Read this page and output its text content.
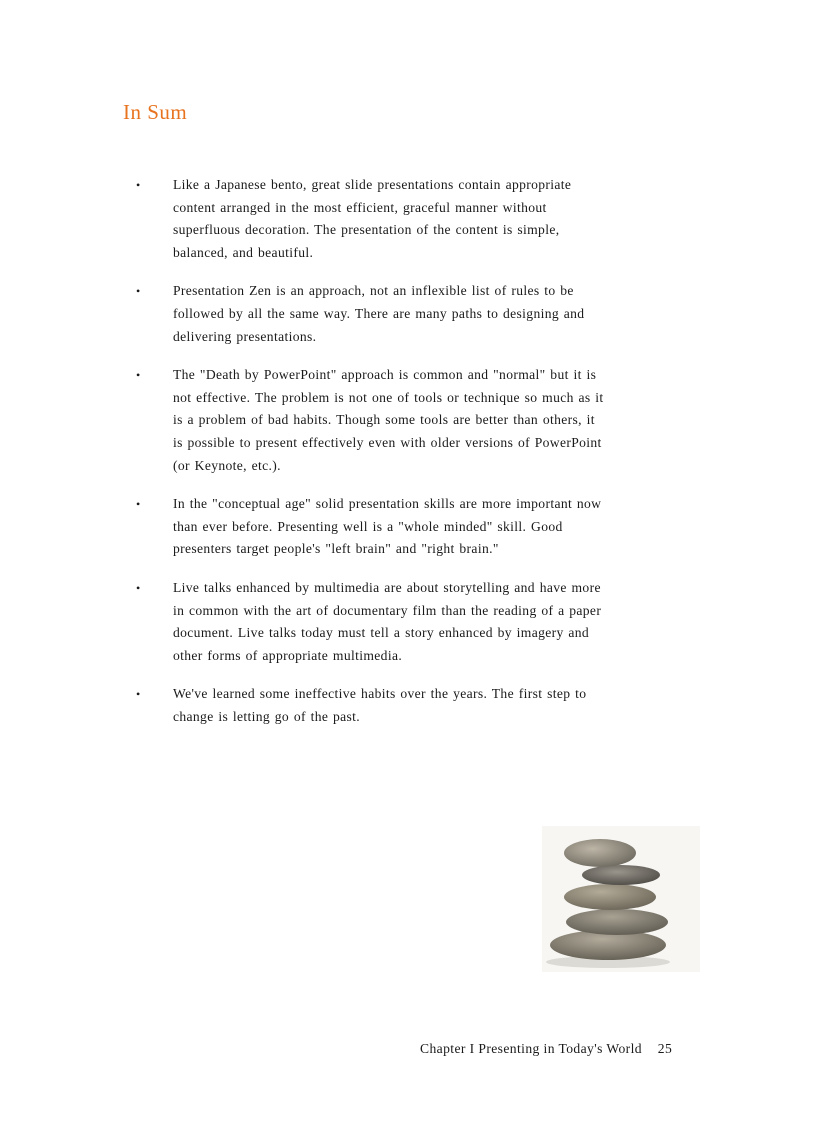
In Sum
• Like a Japanese bento, great slide presentations contain appropriate content arranged in the most efficient, graceful manner without superfluous decoration. The presentation of the content is simple, balanced, and beautiful.
• Presentation Zen is an approach, not an inflexible list of rules to be followed by all the same way. There are many paths to designing and delivering presentations.
• The "Death by PowerPoint" approach is common and "normal" but it is not effective. The problem is not one of tools or technique so much as it is a problem of bad habits. Though some tools are better than others, it is possible to present effectively even with older versions of PowerPoint (or Keynote, etc.).
• In the "conceptual age" solid presentation skills are more important now than ever before. Presenting well is a "whole minded" skill. Good presenters target people's "left brain" and "right brain."
• Live talks enhanced by multimedia are about storytelling and have more in common with the art of documentary film than the reading of a paper document. Live talks today must tell a story enhanced by imagery and other forms of appropriate multimedia.
• We've learned some ineffective habits over the years. The first step to change is letting go of the past.
Chapter I Presenting in Today's World 25
